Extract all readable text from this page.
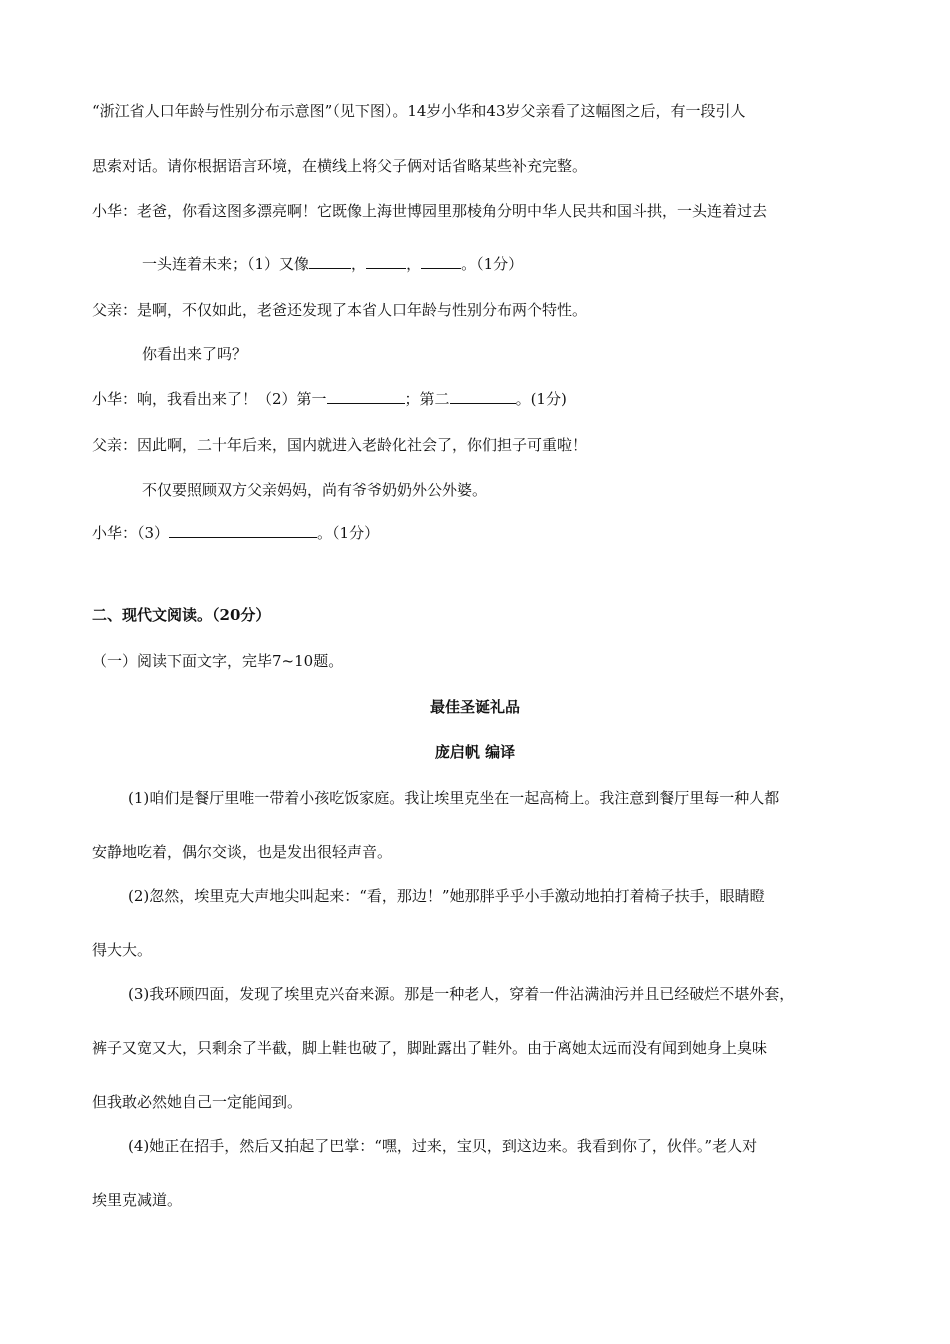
“浙江省人口年龄与性别分布示意图”（见下图）。14岁小华和43岁父亲看了这幅图之后，有一段引人
思索对话。请你根据语言环境，在横线上将父子俩对话省略某些补充完整。
小华：老爸，你看这图多漂亮啊！它既像上海世博园里那棱角分明中华人民共和国斗拱，一头连着过去
一头连着未来；（1）又像	，	，	。（1分）
父亲：是啊，不仅如此，老爸还发现了本省人口年龄与性别分布两个特性。
你看出来了吗？
小华：响，我看出来了！（2）第一	；第二	。(1分)
父亲：因此啊，二十年后来，国内就进入老龄化社会了，你们担子可重啦！
不仅要照顾双方父亲妈妈，尚有爷爷奶奶外公外婆。
小华：（3）	。（1分）
二、现代文阅读。（20分）
（一）阅读下面文字，完毕7~10题。
最佳圣诞礼品
庞启帆 编译
(1)咱们是餐厅里唯一带着小孩吃饭家庭。我让埃里克坐在一起高椅上。我注意到餐厅里每一种人都
安静地吃着，偶尔交谈，也是发出很轻声音。
(2)忽然，埃里克大声地尖叫起来：“看，那边！”她那胖乎乎小手激动地拍打着椅子扶手，眼睛瞪
得大大。
(3)我环顾四面，发现了埃里克兴奋来源。那是一种老人，穿着一件沾满油污并且已经破烂不堪外套，
裤子又宽又大，只剩余了半截，脚上鞋也破了，脚趾露出了鞋外。由于离她太远而没有闻到她身上臭味
但我敢必然她自己一定能闻到。
(4)她正在招手，然后又拍起了巴掌：“嘿，过来，宝贝，到这边来。我看到你了，伙伴。”老人对
埃里克减道。
